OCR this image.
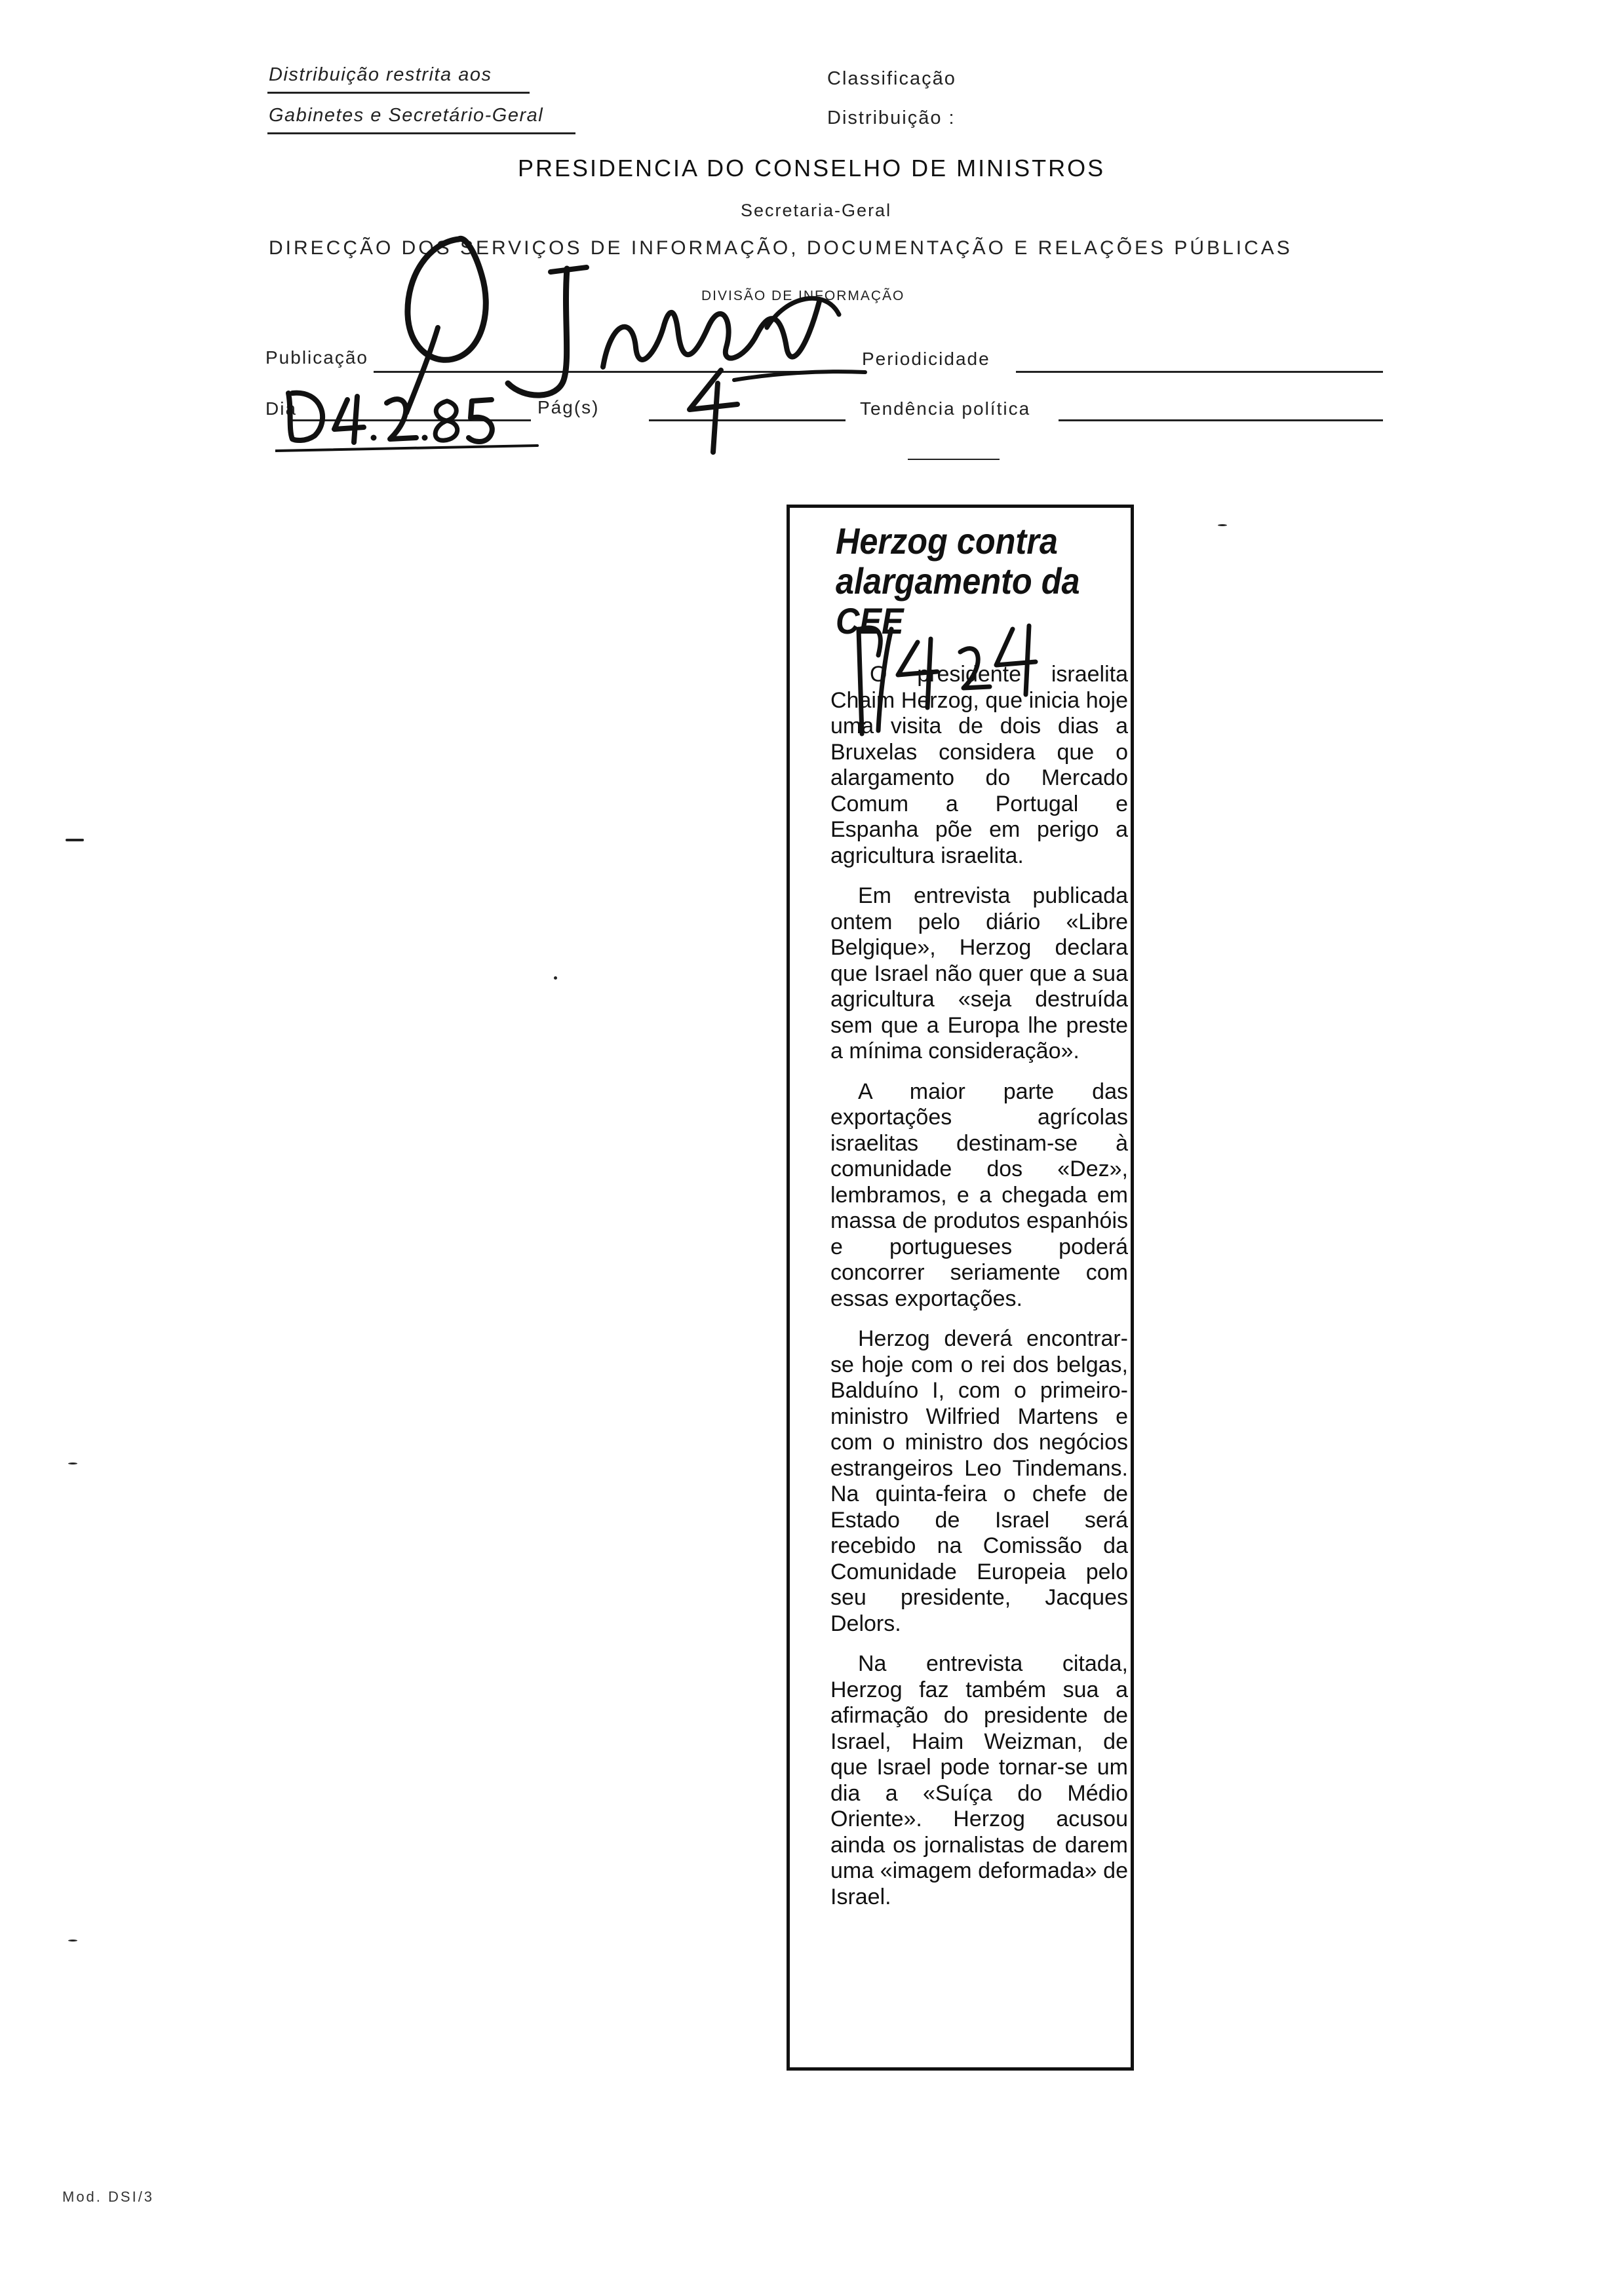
Distribuição restrita aos
Gabinetes e Secretário-Geral
Classificação
Distribuição :
PRESIDENCIA DO CONSELHO DE MINISTROS
Secretaria-Geral
DIRECÇÃO DOS SERVIÇOS DE INFORMAÇÃO, DOCUMENTAÇÃO E RELAÇÕES PÚBLICAS
DIVISÃO DE INFORMAÇÃO
Publicação	Periodicidade
Dia	Pág(s)	Tendência política
Herzog contra alargamento da CEE

O presidente israelita Chaim Herzog, que inicia hoje uma visita de dois dias a Bruxelas considera que o alargamento do Mercado Comum a Portugal e Espanha põe em perigo a agricultura israelita.

Em entrevista publicada ontem pelo diário «Libre Belgique», Herzog declara que Israel não quer que a sua agricultura «seja destruída sem que a Europa lhe preste a mínima consideração».

A maior parte das exportações agrícolas israelitas destinam-se à comunidade dos «Dez», lembramos, e a chegada em massa de produtos espanhóis e portugueses poderá concorrer seriamente com essas exportações.

Herzog deverá encontrar-se hoje com o rei dos belgas, Balduíno I, com o primeiro-ministro Wilfried Martens e com o ministro dos negócios estrangeiros Leo Tindemans. Na quinta-feira o chefe de Estado de Israel será recebido na Comissão da Comunidade Europeia pelo seu presidente, Jacques Delors.

Na entrevista citada, Herzog faz também sua a afirmação do presidente de Israel, Haim Weizman, de que Israel pode tornar-se um dia a «Suíça do Médio Oriente». Herzog acusou ainda os jornalistas de darem uma «imagem deformada» de Israel.

Mod. DSI/3
